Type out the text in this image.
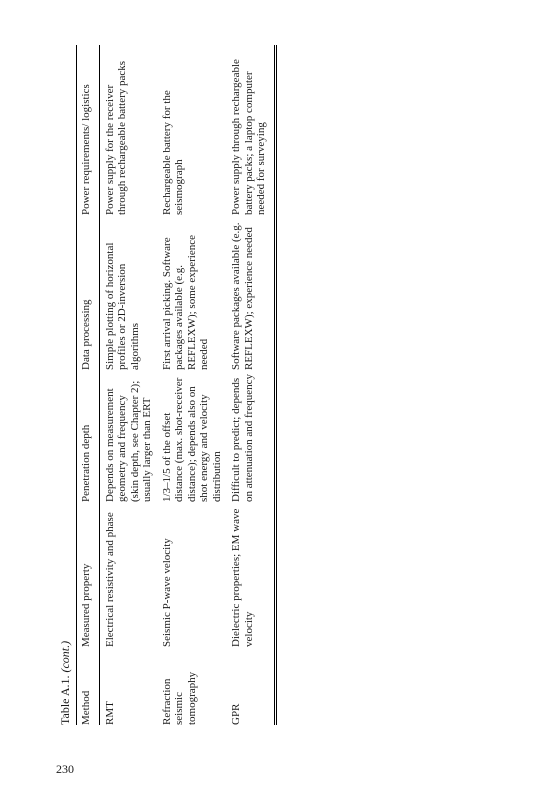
230
Table A.1. (cont.)
Method	Measured property	Penetration depth	Data processing	Power requirements/ logistics
RMT	Electrical resistivity and phase	Depends on measurement geometry and frequency (skin depth, see Chapter 2); usually larger than ERT	Simple plotting of horizontal profiles or 2D-inversion algorithms	Power supply for the receiver through rechargeable battery packs
Refraction seismic tomography	Seismic P-wave velocity	1/3–1/5 of the offset distance (max. shot-receiver distance); depends also on shot energy and velocity distribution	First arrival picking. Software packages available (e.g. REFLEXW); some experience needed	Rechargeable battery for the seismograph
GPR	Dielectric properties; EM wave velocity	Difficult to predict; depends on attenuation and frequency	Software packages available (e.g. REFLEXW); experience needed	Power supply through rechargeable battery packs; a laptop computer needed for surveying
